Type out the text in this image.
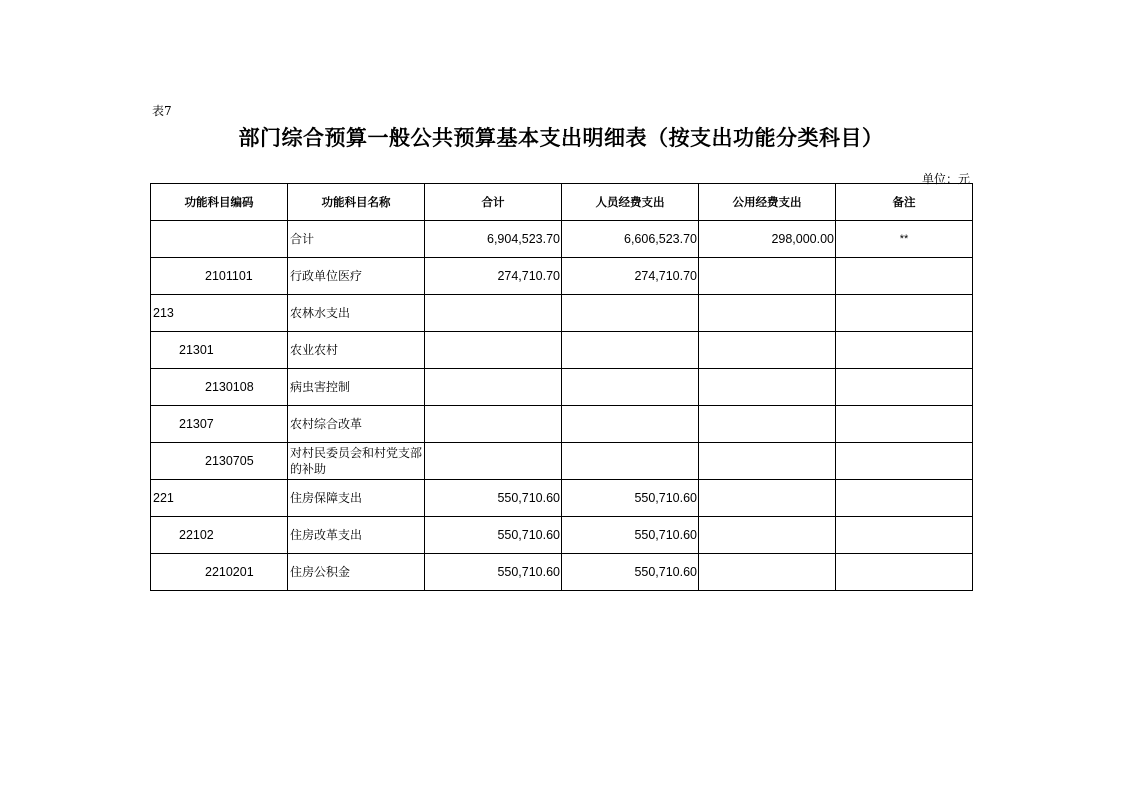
表7
部门综合预算一般公共预算基本支出明细表（按支出功能分类科目）
单位：元
功能科目编码	功能科目名称	合计	人员经费支出	公用经费支出	备注
	合计	6,904,523.70	6,606,523.70	298,000.00	**
2101101	行政单位医疗	274,710.70	274,710.70		
213	农林水支出				
21301	农业农村				
2130108	病虫害控制				
21307	农村综合改革				
2130705	对村民委员会和村党支部的补助				
221	住房保障支出	550,710.60	550,710.60		
22102	住房改革支出	550,710.60	550,710.60		
2210201	住房公积金	550,710.60	550,710.60		
